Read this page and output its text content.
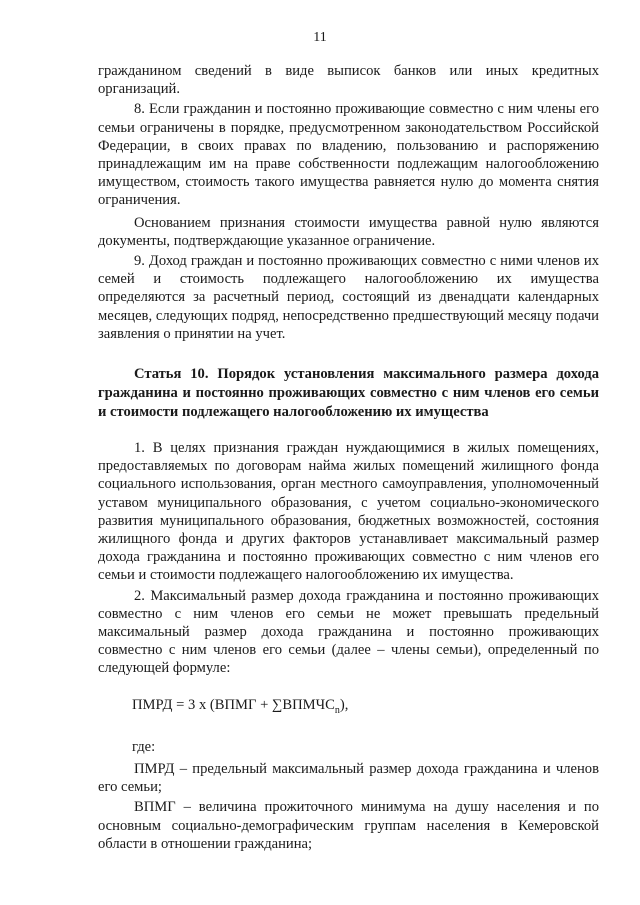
11

гражданином сведений в виде выписок банков или иных кредитных организаций.

8. Если гражданин и постоянно проживающие совместно с ним члены его семьи ограничены в порядке, предусмотренном законодательством Российской Федерации, в своих правах по владению, пользованию и распоряжению принадлежащим им на праве собственности подлежащим налогообложению имуществом, стоимость такого имущества равняется нулю до момента снятия ограничения.

Основанием признания стоимости имущества равной нулю являются документы, подтверждающие указанное ограничение.

9. Доход граждан и постоянно проживающих совместно с ними членов их семей и стоимость подлежащего налогообложению их имущества определяются за расчетный период, состоящий из двенадцати календарных месяцев, следующих подряд, непосредственно предшествующий месяцу подачи заявления о принятии на учет.

Статья 10. Порядок установления максимального размера дохода гражданина и постоянно проживающих совместно с ним членов его семьи и стоимости подлежащего налогообложению их имущества

1. В целях признания граждан нуждающимися в жилых помещениях, предоставляемых по договорам найма жилых помещений жилищного фонда социального использования, орган местного самоуправления, уполномоченный уставом муниципального образования, с учетом социально-экономического развития муниципального образования, бюджетных возможностей, состояния жилищного фонда и других факторов устанавливает максимальный размер дохода гражданина и постоянно проживающих совместно с ним членов его семьи и стоимости подлежащего налогообложению их имущества.

2. Максимальный размер дохода гражданина и постоянно проживающих совместно с ним членов его семьи не может превышать предельный максимальный размер дохода гражданина и постоянно проживающих совместно с ним членов его семьи (далее – члены семьи), определенный по следующей формуле:

ПМРД = 3 х (ВПМГ + $\sum ВПМЧС_n$),

где:

ПМРД – предельный максимальный размер дохода гражданина и членов его семьи;

ВПМГ – величина прожиточного минимума на душу населения и по основным социально-демографическим группам населения в Кемеровской области в отношении гражданина;
